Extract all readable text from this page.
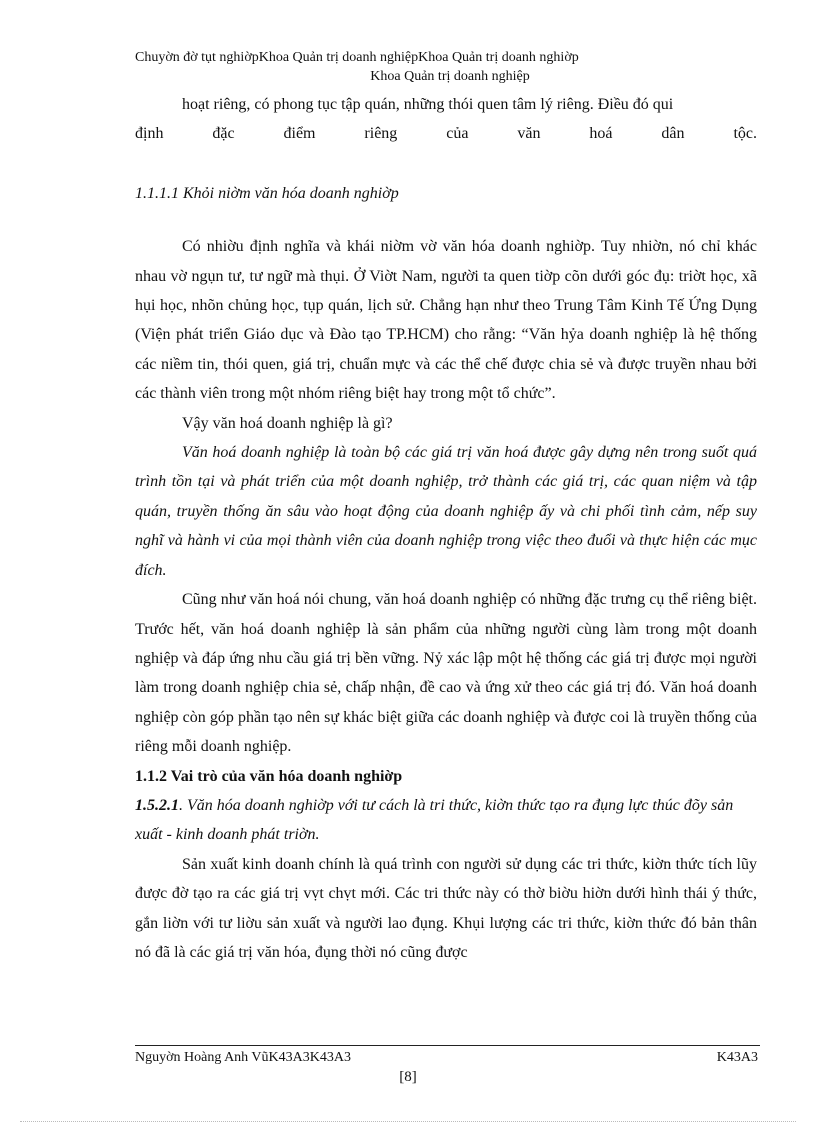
Chuyờn đờ tụt nghiờpKhoa Quản trị doanh nghiệpKhoa Quản trị doanh nghiờp
Khoa Quản trị doanh nghiệp

hoạt riêng, có phong tục tập quán, những thói quen tâm lý riêng. Điều đó qui

định đặc điểm riêng của văn hoá dân tộc.

1.1.1.1 Khỏi niờm văn hóa doanh nghiờp

Có nhiờu định nghĩa và khái niờm vờ văn hóa doanh nghiờp. Tuy nhiờn, nó chỉ khác nhau vờ ngụn tư, tư ngữ mà thụi. Ở Viờt Nam, người ta quen tiờp cõn dưới góc đụ: triờt học, xã hụi học, nhõn chủng học, tụp quán, lịch sử. Chẳng hạn như theo Trung Tâm Kinh Tế Ứng Dụng (Viện phát triển Giáo dục và Đào tạo TP.HCM) cho rằng: “Văn hỷa doanh nghiệp là hệ thống các niềm tin, thói quen, giá trị, chuẩn mực và các thể chế được chia sẻ và được truyền nhau bởi các thành viên trong một nhóm riêng biệt hay trong một tổ chức”.

Vậy văn hoá doanh nghiệp là gì?

Văn hoá doanh nghiệp là toàn bộ các giá trị văn hoá được gây dựng nên trong suốt quá trình tồn tại và phát triển của một doanh nghiệp, trở thành các giá trị, các quan niệm và tập quán, truyền thống ăn sâu vào hoạt động của doanh nghiệp ấy và chi phối tình cảm, nếp suy nghĩ và hành vi của mọi thành viên của doanh nghiệp trong việc theo đuổi và thực hiện các mục đích.

Cũng như văn hoá nói chung, văn hoá doanh nghiệp có những đặc trưng cụ thể riêng biệt. Trước hết, văn hoá doanh nghiệp là sản phẩm của những người cùng làm trong một doanh nghiệp và đáp ứng nhu cầu giá trị bền vững. Nỷ xác lập một hệ thống các giá trị được mọi người làm trong doanh nghiệp chia sẻ, chấp nhận, đề cao và ứng xử theo các giá trị đó. Văn hoá doanh nghiệp còn góp phần tạo nên sự khác biệt giữa các doanh nghiệp và được coi là truyền thống của riêng mỗi doanh nghiệp.

1.1.2 Vai trò của văn hóa doanh nghiờp
1.5.2.1. Văn hóa doanh nghiờp với tư cách là tri thức, kiờn thức tạo ra đụng lực thúc đõy sản xuất - kinh doanh phát triờn.

Sản xuất kinh doanh chính là quá trình con người sử dụng các tri thức, kiờn thức tích lũy được đờ tạo ra các giá trị vṿt chṿt mới. Các tri thức này có thờ biờu hiờn dưới hình thái ý thức, gắn liờn với tư liờu sản xuất và người lao đụng. Khụi lượng các tri thức, kiờn thức đó bản thân nó đã là các giá trị văn hóa, đụng thời nó cũng được

Nguyờn Hoàng Anh VũK43A3K43A3	K43A3
[8]
